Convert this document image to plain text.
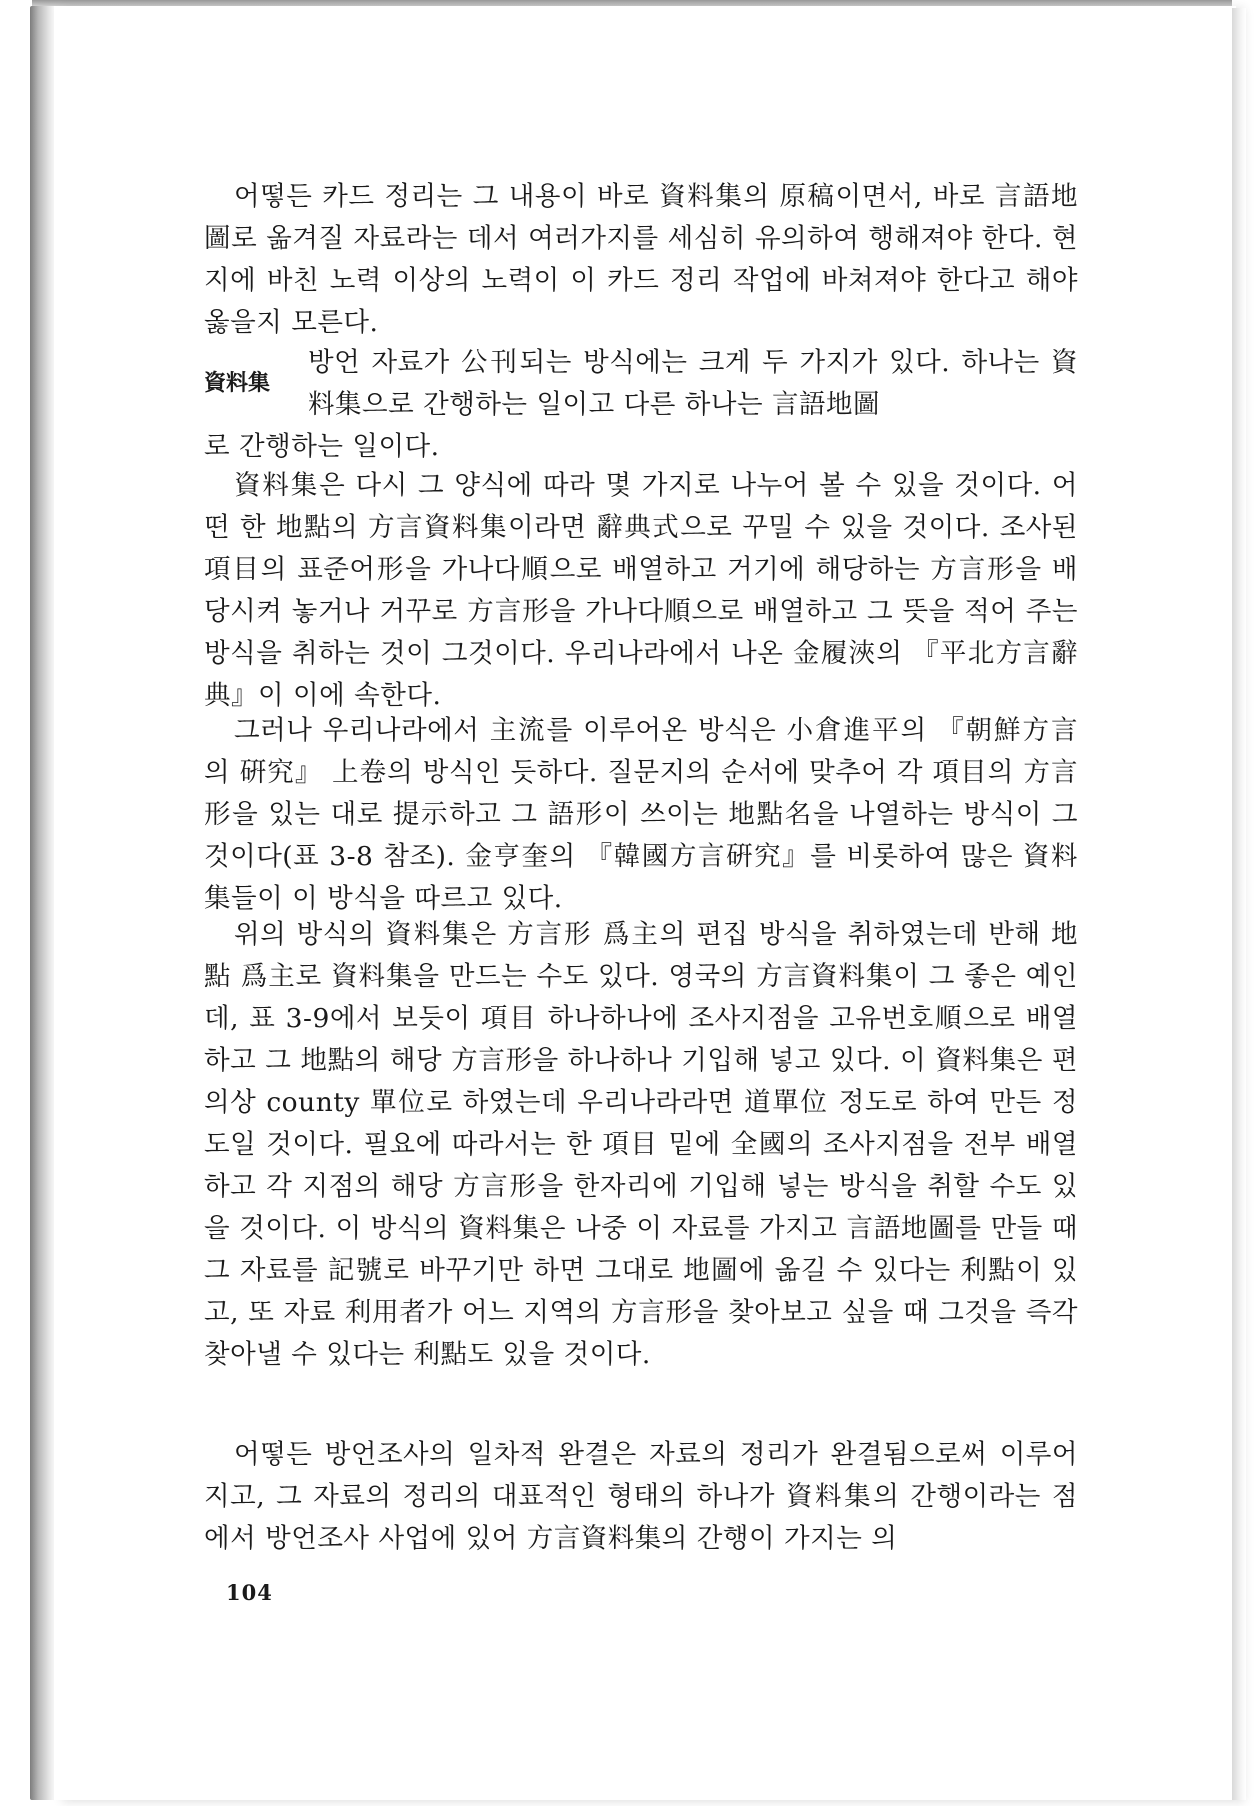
어떻든 카드 정리는 그 내용이 바로 資料集의 原稿이면서, 바로 言語地圖로 옮겨질 자료라는 데서 여러가지를 세심히 유의하여 행해져야 한다. 현지에 바친 노력 이상의 노력이 이 카드 정리 작업에 바쳐져야 한다고 해야 옳을지 모른다.

資料集
방언 자료가 公刊되는 방식에는 크게 두 가지가 있다. 하나는 資料集으로 간행하는 일이고 다른 하나는 言語地圖

로 간행하는 일이다.

資料集은 다시 그 양식에 따라 몇 가지로 나누어 볼 수 있을 것이다. 어떤 한 地點의 方言資料集이라면 辭典式으로 꾸밀 수 있을 것이다. 조사된 項目의 표준어形을 가나다順으로 배열하고 거기에 해당하는 方言形을 배당시켜 놓거나 거꾸로 方言形을 가나다順으로 배열하고 그 뜻을 적어 주는 방식을 취하는 것이 그것이다. 우리나라에서 나온 金履浹의 『平北方言辭典』이 이에 속한다.

그러나 우리나라에서 主流를 이루어온 방식은 小倉進平의 『朝鮮方言의 硏究』 上卷의 방식인 듯하다. 질문지의 순서에 맞추어 각 項目의 方言形을 있는 대로 提示하고 그 語形이 쓰이는 地點名을 나열하는 방식이 그것이다(표 3-8 참조). 金亨奎의 『韓國方言硏究』를 비롯하여 많은 資料集들이 이 방식을 따르고 있다.

위의 방식의 資料集은 方言形 爲主의 편집 방식을 취하였는데 반해 地點 爲主로 資料集을 만드는 수도 있다. 영국의 方言資料集이 그 좋은 예인데, 표 3-9에서 보듯이 項目 하나하나에 조사지점을 고유번호順으로 배열하고 그 地點의 해당 方言形을 하나하나 기입해 넣고 있다. 이 資料集은 편의상 county 單位로 하였는데 우리나라라면 道單位 정도로 하여 만든 정도일 것이다. 필요에 따라서는 한 項目 밑에 全國의 조사지점을 전부 배열하고 각 지점의 해당 方言形을 한자리에 기입해 넣는 방식을 취할 수도 있을 것이다. 이 방식의 資料集은 나중 이 자료를 가지고 言語地圖를 만들 때 그 자료를 記號로 바꾸기만 하면 그대로 地圖에 옮길 수 있다는 利點이 있고, 또 자료 利用者가 어느 지역의 方言形을 찾아보고 싶을 때 그것을 즉각 찾아낼 수 있다는 利點도 있을 것이다.

어떻든 방언조사의 일차적 완결은 자료의 정리가 완결됨으로써 이루어지고, 그 자료의 정리의 대표적인 형태의 하나가 資料集의 간행이라는 점에서 방언조사 사업에 있어 方言資料集의 간행이 가지는 의

104
